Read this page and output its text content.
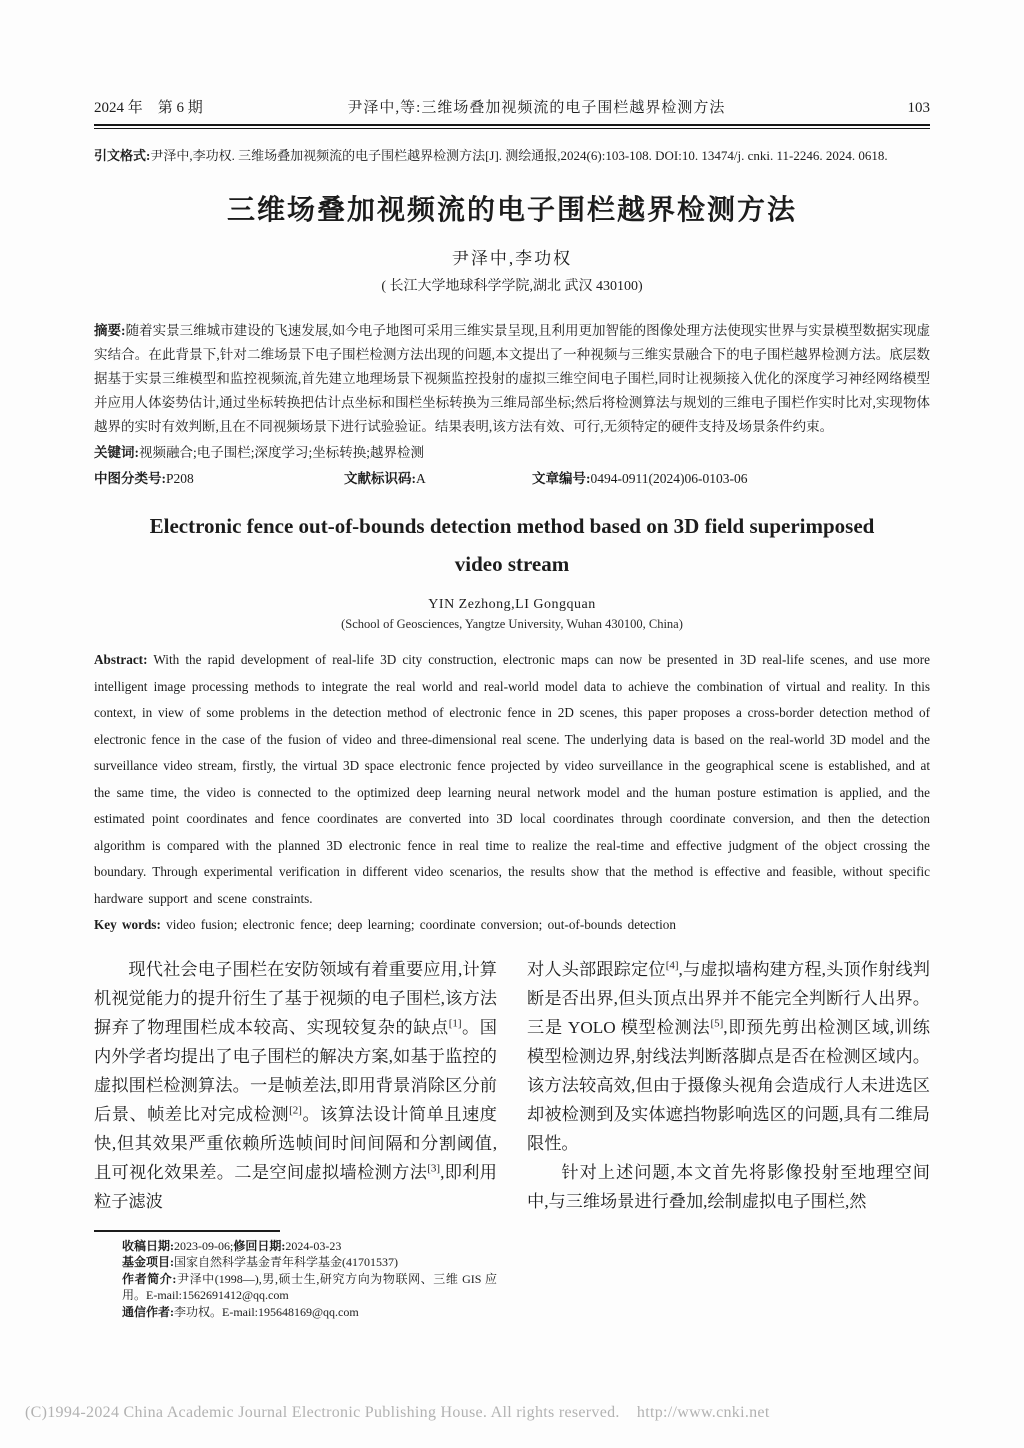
2024 年　第 6 期	尹泽中,等:三维场叠加视频流的电子围栏越界检测方法	103

引文格式:尹泽中,李功权. 三维场叠加视频流的电子围栏越界检测方法[J]. 测绘通报,2024(6):103-108. DOI:10. 13474/j. cnki. 11-2246. 2024. 0618.

三维场叠加视频流的电子围栏越界检测方法
尹泽中,李功权
( 长江大学地球科学学院,湖北 武汉 430100)

摘要:随着实景三维城市建设的飞速发展,如今电子地图可采用三维实景呈现,且利用更加智能的图像处理方法使现实世界与实景模型数据实现虚实结合。在此背景下,针对二维场景下电子围栏检测方法出现的问题,本文提出了一种视频与三维实景融合下的电子围栏越界检测方法。底层数据基于实景三维模型和监控视频流,首先建立地理场景下视频监控投射的虚拟三维空间电子围栏,同时让视频接入优化的深度学习神经网络模型并应用人体姿势估计,通过坐标转换把估计点坐标和围栏坐标转换为三维局部坐标;然后将检测算法与规划的三维电子围栏作实时比对,实现物体越界的实时有效判断,且在不同视频场景下进行试验验证。结果表明,该方法有效、可行,无须特定的硬件支持及场景条件约束。

关键词:视频融合;电子围栏;深度学习;坐标转换;越界检测

中图分类号:P208	文献标识码:A	文章编号:0494-0911(2024)06-0103-06
Electronic fence out-of-bounds detection method based on 3D field superimposed video stream
YIN Zezhong,LI Gongquan
(School of Geosciences, Yangtze University, Wuhan 430100, China)

Abstract: With the rapid development of real-life 3D city construction, electronic maps can now be presented in 3D real-life scenes, and use more intelligent image processing methods to integrate the real world and real-world model data to achieve the combination of virtual and reality. In this context, in view of some problems in the detection method of electronic fence in 2D scenes, this paper proposes a cross-border detection method of electronic fence in the case of the fusion of video and three-dimensional real scene. The underlying data is based on the real-world 3D model and the surveillance video stream, firstly, the virtual 3D space electronic fence projected by video surveillance in the geographical scene is established, and at the same time, the video is connected to the optimized deep learning neural network model and the human posture estimation is applied, and the estimated point coordinates and fence coordinates are converted into 3D local coordinates through coordinate conversion, and then the detection algorithm is compared with the planned 3D electronic fence in real time to realize the real-time and effective judgment of the object crossing the boundary. Through experimental verification in different video scenarios, the results show that the method is effective and feasible, without specific hardware support and scene constraints.

Key words: video fusion; electronic fence; deep learning; coordinate conversion; out-of-bounds detection

现代社会电子围栏在安防领域有着重要应用,计算机视觉能力的提升衍生了基于视频的电子围栏,该方法摒弃了物理围栏成本较高、实现较复杂的缺点[1]。国内外学者均提出了电子围栏的解决方案,如基于监控的虚拟围栏检测算法。一是帧差法,即用背景消除区分前后景、帧差比对完成检测[2]。该算法设计简单且速度快,但其效果严重依赖所选帧间时间间隔和分割阈值,且可视化效果差。二是空间虚拟墙检测方法[3],即利用粒子滤波

收稿日期:2023-09-06;修回日期:2024-03-23
基金项目:国家自然科学基金青年科学基金(41701537)
作者简介:尹泽中(1998—),男,硕士生,研究方向为物联网、三维 GIS 应用。E-mail:1562691412@qq.com
通信作者:李功权。E-mail:195648169@qq.com

对人头部跟踪定位[4],与虚拟墙构建方程,头顶作射线判断是否出界,但头顶点出界并不能完全判断行人出界。三是 YOLO 模型检测法[5],即预先剪出检测区域,训练模型检测边界,射线法判断落脚点是否在检测区域内。该方法较高效,但由于摄像头视角会造成行人未进选区却被检测到及实体遮挡物影响选区的问题,具有二维局限性。

针对上述问题,本文首先将影像投射至地理空间中,与三维场景进行叠加,绘制虚拟电子围栏,然

(C)1994-2024 China Academic Journal Electronic Publishing House. All rights reserved.    http://www.cnki.net
